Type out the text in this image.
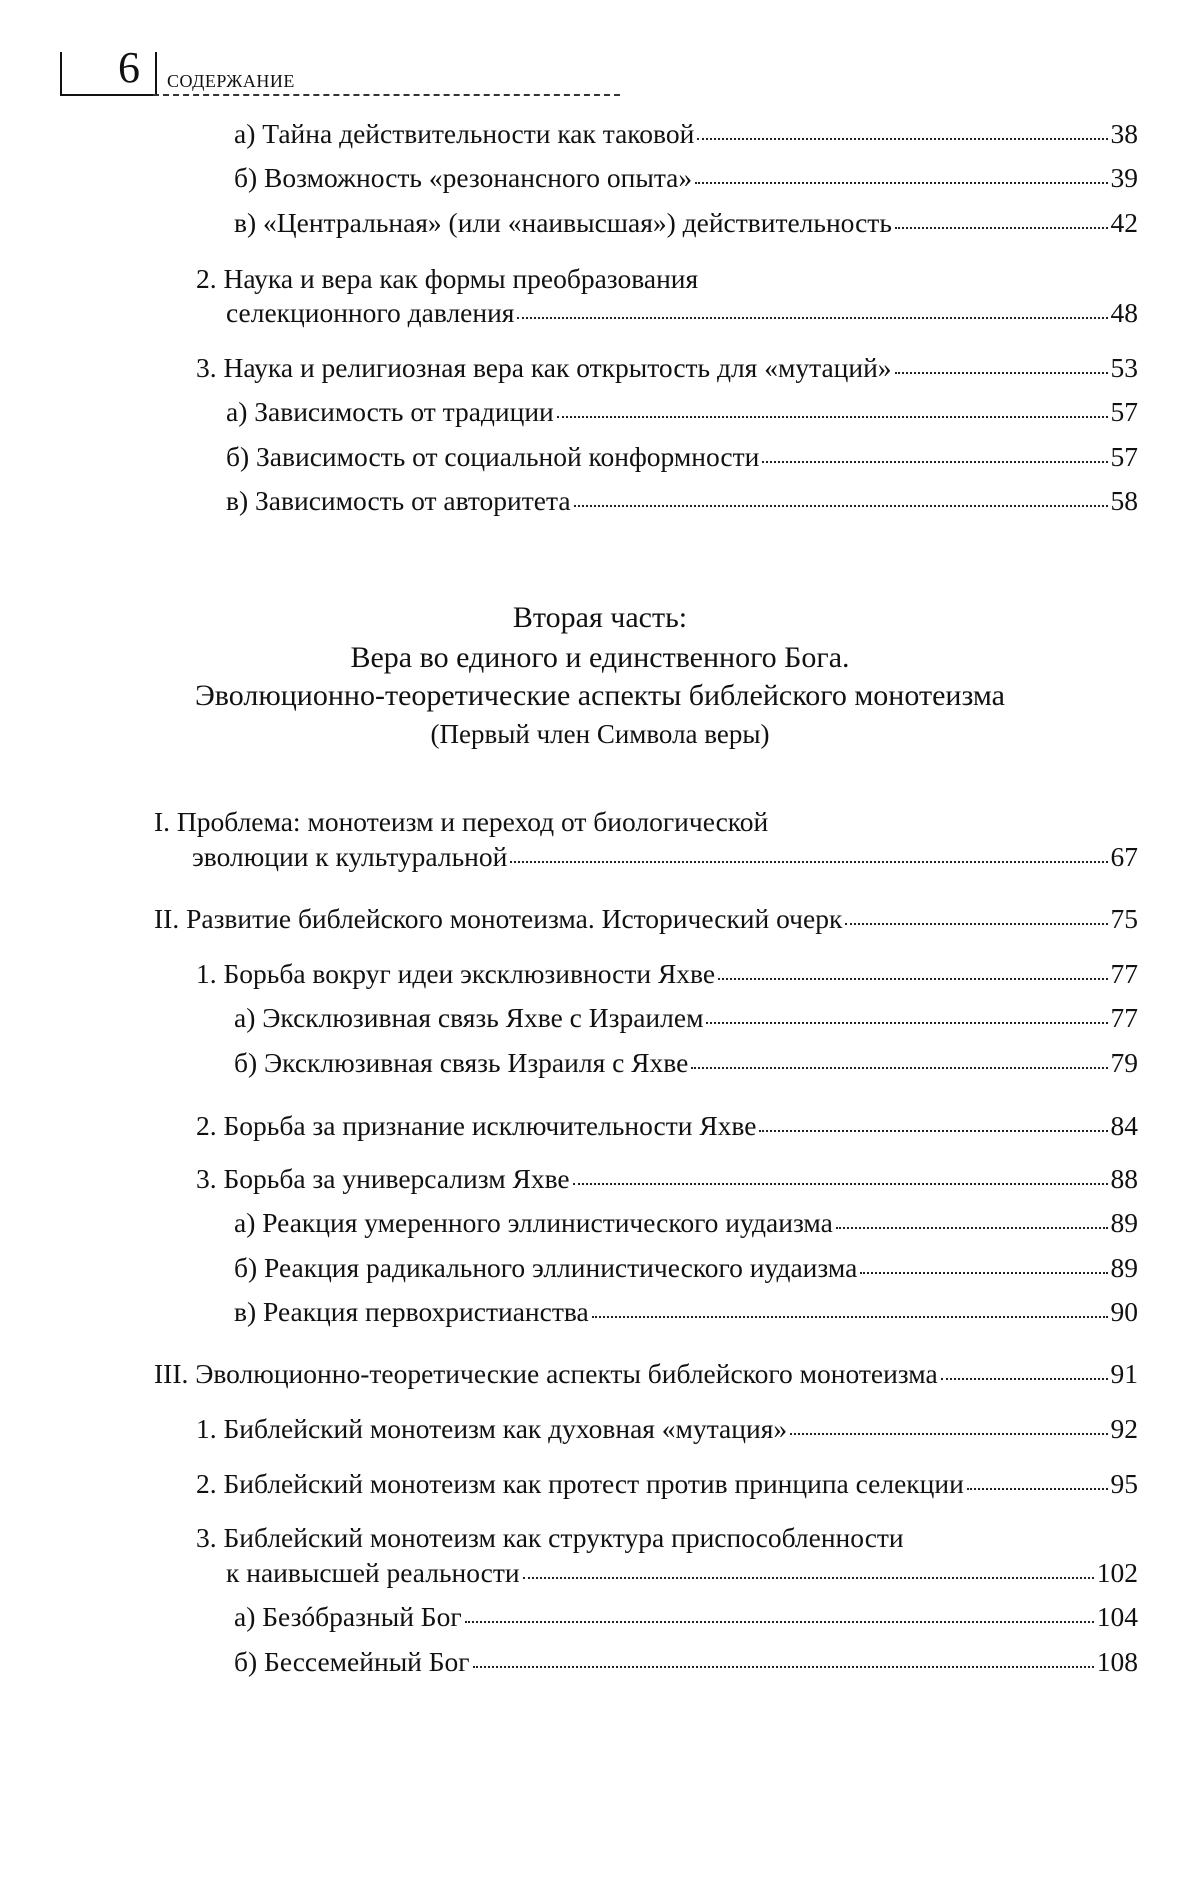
6 СОДЕРЖАНИЕ
а) Тайна действительности как таковой	38
б) Возможность «резонансного опыта»	39
в) «Центральная» (или «наивысшая») действительность	42
2. Наука и вера как формы преобразования
селекционного давления	48
3. Наука и религиозная вера как открытость для «мутаций»	53
а) Зависимость от традиции	57
б) Зависимость от социальной конформности	57
в) Зависимость от авторитета	58
Вторая часть:
Вера во единого и единственного Бога.
Эволюционно-теоретические аспекты библейского монотеизма
(Первый член Символа веры)
I. Проблема: монотеизм и переход от биологической
эволюции к культуральной	67
II. Развитие библейского монотеизма. Исторический очерк	75
1. Борьба вокруг идеи эксклюзивности Яхве	77
а) Эксклюзивная связь Яхве с Израилем	77
б) Эксклюзивная связь Израиля с Яхве	79
2. Борьба за признание исключительности Яхве	84
3. Борьба за универсализм Яхве	88
а) Реакция умеренного эллинистического иудаизма	89
б) Реакция радикального эллинистического иудаизма	89
в) Реакция первохристианства	90
III. Эволюционно-теоретические аспекты библейского монотеизма	91
1. Библейский монотеизм как духовная «мутация»	92
2. Библейский монотеизм как протест против принципа селекции	95
3. Библейский монотеизм как структура приспособленности
к наивысшей реальности	102
а) Безóбразный Бог	104
б) Бессемейный Бог	108
